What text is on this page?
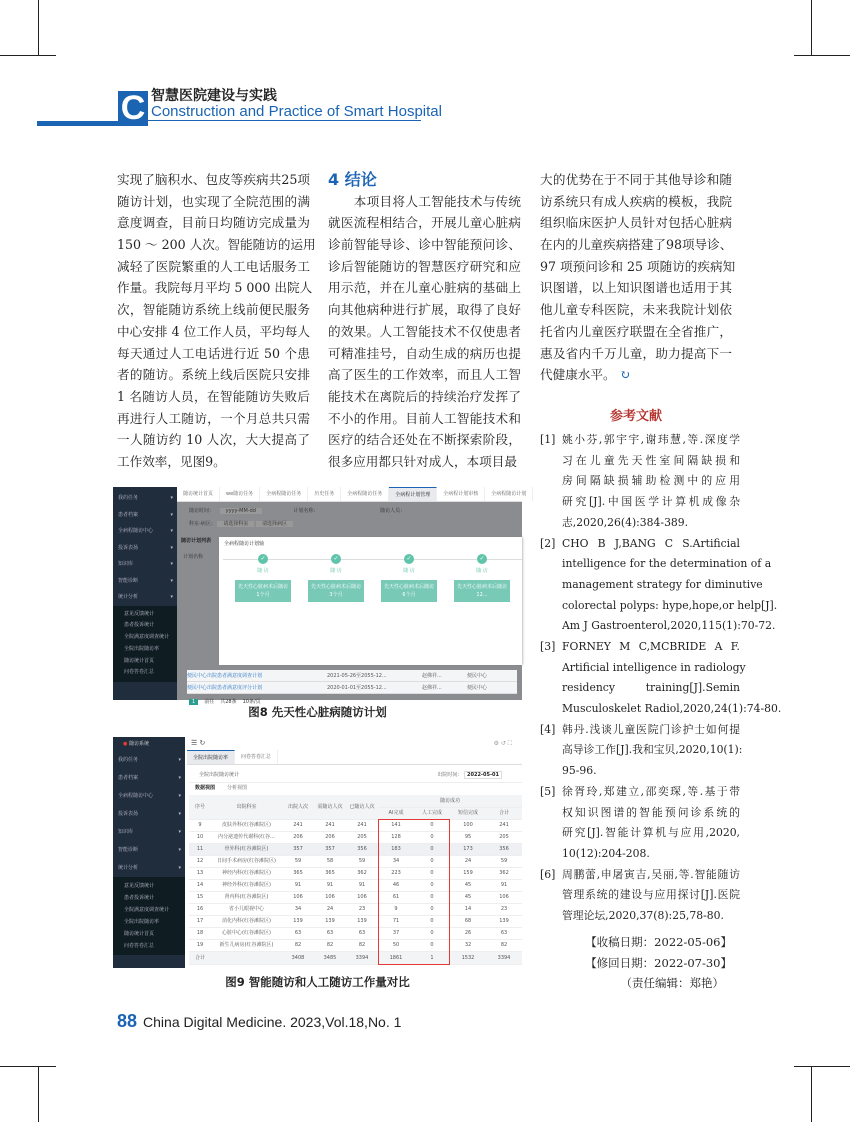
C 智慧医院建设与实践
Construction and Practice of Smart Hospital
实现了脑积水、包皮等疾病共25项
随访计划，也实现了全院范围的满
意度调查，目前日均随访完成量为
150 ～ 200 人次。智能随访的运用
减轻了医院繁重的人工电话服务工
作量。我院每月平均 5 000 出院人
次，智能随访系统上线前便民服务
中心安排 4 位工作人员，平均每人
每天通过人工电话进行近 50 个患
者的随访。系统上线后医院只安排
1 名随访人员，在智能随访失败后
再进行人工随访，一个月总共只需
一人随访约 10 人次，大大提高了
工作效率，见图9。
4 结论
　　本项目将人工智能技术与传统
就医流程相结合，开展儿童心脏病
诊前智能导诊、诊中智能预问诊、
诊后智能随访的智慧医疗研究和应
用示范，并在儿童心脏病的基础上
向其他病种进行扩展，取得了良好
的效果。人工智能技术不仅使患者
可精准挂号，自动生成的病历也提
高了医生的工作效率，而且人工智
能技术在离院后的持续治疗发挥了
不小的作用。目前人工智能技术和
医疗的结合还处在不断探索阶段，
很多应用都只针对成人，本项目最
大的优势在于不同于其他导诊和随
访系统只有成人疾病的模板，我院
组织临床医护人员针对包括心脏病
在内的儿童疾病搭建了98项导诊、
97 项预问诊和 25 项随访的疾病知
识图谱，以上知识图谱也适用于其
他儿童专科医院，未来我院计划依
托省内儿童医疗联盟在全省推广，
惠及省内千万儿童，助力提高下一
代健康水平。 ↻
参考文献
[1] 姚小芬,郭宇宇,谢玮慧,等.深度学
习在儿童先天性室间隔缺损和
房间隔缺损辅助检测中的应用
研究[J].中国医学计算机成像杂
志,2020,26(4):384-389.
[2] CHO B J,BANG C S.Artificial
intelligence for the determination of a
management strategy for diminutive
colorectal polyps: hype,hope,or help[J].
Am J Gastroenterol,2020,115(1):70-72.
[3] FORNEY M C,MCBRIDE A F.
Artificial intelligence in radiology
residency training[J].Semin
Musculoskelet Radiol,2020,24(1):74-80.
[4] 韩丹.浅谈儿童医院门诊护士如何提
高导诊工作[J].我和宝贝,2020,10(1):
95-96.
[5] 徐胥玲,郑建立,邵奕琛,等.基于带
权知识图谱的智能预问诊系统的
研究[J].智能计算机与应用,2020,
10(12):204-208.
[6] 周鹏蕾,申屠寅吉,吴丽,等.智能随访
管理系统的建设与应用探讨[J].医院
管理论坛,2020,37(8):25,78-80.
【收稿日期：2022-05-06】
【修回日期：2022-07-30】
（责任编辑：郑艳）
我的任务 ▾
患者档案 ▾
全病程随访中心 ▾
投诉表扬 ▾
知识库 ▾
智能诊断 ▾
统计分析 ▾
意见反馈统计
患者投诉统计
全院满意度调查统计
全院出院随访率
随访统计首页
问卷答卷汇总
随访统计首页	we随访任务	全病程随访任务	历史任务	全病程随访任务	全病程计划管理	全病程计划审核	全病程随访计划
随访时间： yyyy-MM-dd	计划名称：	随访人员：
科室-病区： 请选择科室	请选择病区
随访计划列表
计划名称
便民中心出院患者满意度调查计划	2021-05-26至2055-12...	赵佛祥...	便民中心
便民中心出院患者满意度评分计划	2020-01-01至2055-12...	赵佛祥...	便民中心
1 前往 共28条 10条/页
全病程随访计划轴
✓
随 访
先天性心脏病术后随访1个月
✓
随 访
先天性心脏病术后随访3个月
✓
随 访
先天性心脏病术后随访6个月
✓
随 访
先天性心脏病术后随访12...
图8 先天性心脏病随访计划
● 随访系统
我的任务 ▾
患者档案 ▾
全病程随访中心 ▾
投诉表扬 ▾
知识库 ▾
智能诊断 ▾
统计分析 ▾
意见反馈统计
患者投诉统计
全院满意度调查统计
全院出院随访率
随访统计首页
问卷答卷汇总
☰ ↻	⚙ ↺ ⛶
全院出院随访率	问卷答卷汇总
全院出院随访统计	出院时间： 2022-05-01
数据视图 分析视图
序号	出院科室	出院人次	需随访人次	已随访人次	随访成功			
					AI完成	人工完成	短信完成	合计
9	皮肤外科(红谷滩院区)	241	241	241	141	0	100	241
10	内分泌遗传代谢科(红谷...	206	206	205	128	0	95	205
11	骨外科(红谷滩院区)	357	357	356	183	0	173	356
12	日间手术病房(红谷滩院区)	59	58	59	34	0	24	59
13	神经内科(红谷滩院区)	365	365	362	223	0	159	362
14	神经外科(红谷滩院区)	91	91	91	46	0	45	91
15	肾内科(红谷滩院区)	106	106	106	61	0	45	106
16	省小儿眼视中心	34	24	23	9	0	14	23
17	消化内科(红谷滩院区)	139	139	139	71	0	68	139
18	心脏中心(红谷滩院区)	63	63	63	37	0	26	63
19	新生儿病房(红谷滩院区)	82	82	82	50	0	32	82
合计		3408	3485	3394	1861	1	1532	3394
图9 智能随访和人工随访工作量对比
88 China Digital Medicine. 2023,Vol.18,No. 1
